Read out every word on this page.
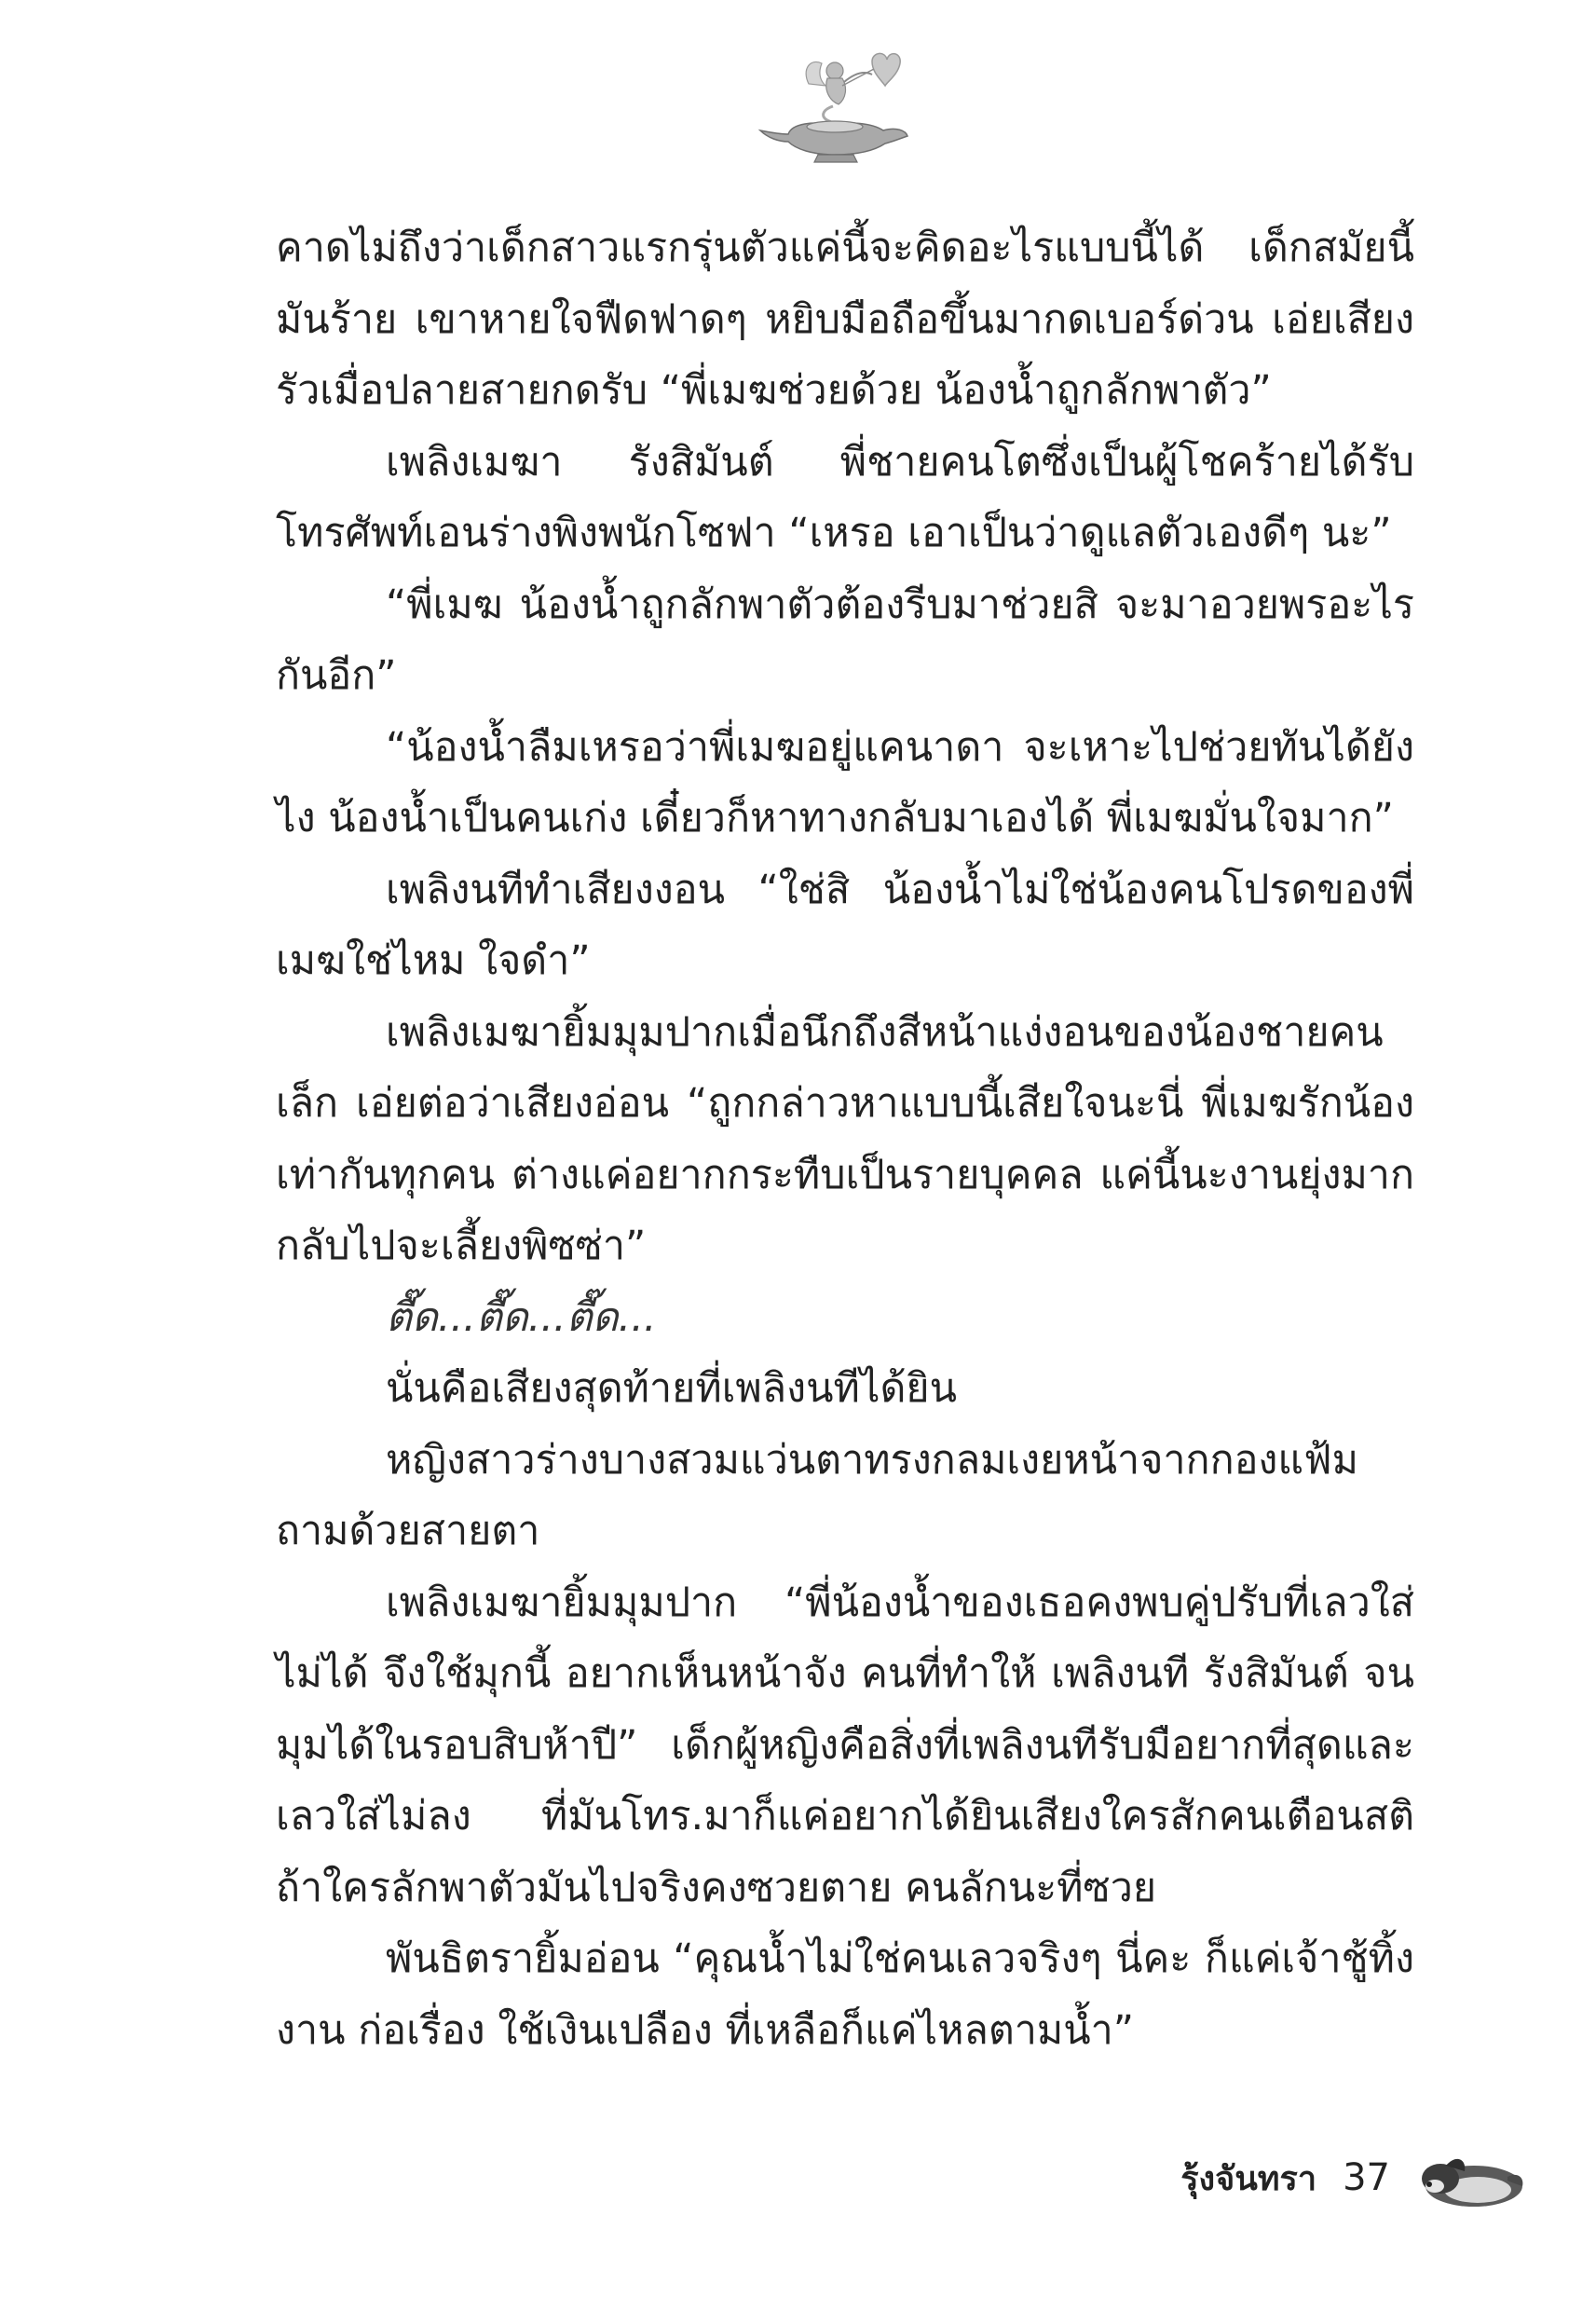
คาดไม่ถึงว่าเด็กสาวแรกรุ่นตัวแค่นี้จะคิดอะไรแบบนี้ได้ เด็กสมัยนี้มันร้าย เขาหายใจฟืดฟาดๆ หยิบมือถือขึ้นมากดเบอร์ด่วน เอ่ยเสียงรัวเมื่อปลายสายกดรับ “พี่เมฆช่วยด้วย น้องน้ำถูกลักพาตัว”

เพลิงเมฆา รังสิมันต์ พี่ชายคนโตซึ่งเป็นผู้โชคร้ายได้รับโทรศัพท์เอนร่างพิงพนักโซฟา “เหรอ เอาเป็นว่าดูแลตัวเองดีๆ นะ”

“พี่เมฆ น้องน้ำถูกลักพาตัวต้องรีบมาช่วยสิ จะมาอวยพรอะไรกันอีก”

“น้องน้ำลืมเหรอว่าพี่เมฆอยู่แคนาดา จะเหาะไปช่วยทันได้ยังไง น้องน้ำเป็นคนเก่ง เดี๋ยวก็หาทางกลับมาเองได้ พี่เมฆมั่นใจมาก”

เพลิงนทีทำเสียงงอน “ใช่สิ น้องน้ำไม่ใช่น้องคนโปรดของพี่เมฆใช่ไหม ใจดำ”

เพลิงเมฆายิ้มมุมปากเมื่อนึกถึงสีหน้าแง่งอนของน้องชายคนเล็ก เอ่ยต่อว่าเสียงอ่อน “ถูกกล่าวหาแบบนี้เสียใจนะนี่ พี่เมฆรักน้องเท่ากันทุกคน ต่างแค่อยากกระทืบเป็นรายบุคคล แค่นี้นะงานยุ่งมาก กลับไปจะเลี้ยงพิซซ่า”

ตื๊ด...ตื๊ด...ตื๊ด...

นั่นคือเสียงสุดท้ายที่เพลิงนทีได้ยิน

หญิงสาวร่างบางสวมแว่นตาทรงกลมเงยหน้าจากกองแฟ้มถามด้วยสายตา

เพลิงเมฆายิ้มมุมปาก “พี่น้องน้ำของเธอคงพบคู่ปรับที่เลวใส่ไม่ได้ จึงใช้มุกนี้ อยากเห็นหน้าจัง คนที่ทำให้ เพลิงนที รังสิมันต์ จนมุมได้ในรอบสิบห้าปี” เด็กผู้หญิงคือสิ่งที่เพลิงนทีรับมือยากที่สุดและเลวใส่ไม่ลง ที่มันโทร.มาก็แค่อยากได้ยินเสียงใครสักคนเตือนสติ ถ้าใครลักพาตัวมันไปจริงคงซวยตาย คนลักนะที่ซวย

พันธิตรายิ้มอ่อน “คุณน้ำไม่ใช่คนเลวจริงๆ นี่คะ ก็แค่เจ้าชู้ทิ้งงาน ก่อเรื่อง ใช้เงินเปลือง ที่เหลือก็แค่ไหลตามน้ำ”

รุ้งจันทรา 37
